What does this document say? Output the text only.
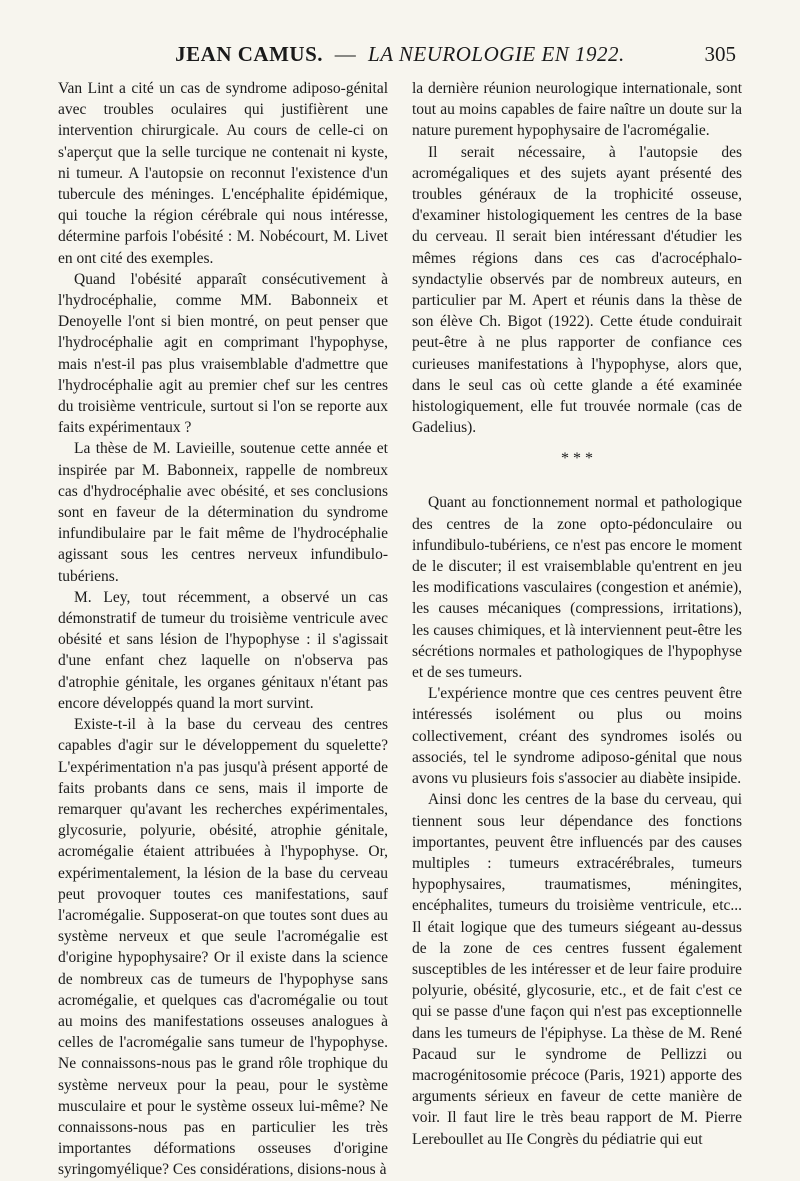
JEAN CAMUS. — LA NEUROLOGIE EN 1922.	305

Van Lint a cité un cas de syndrome adiposo-génital avec troubles oculaires qui justifièrent une intervention chirurgicale. Au cours de celle-ci on s'aperçut que la selle turcique ne contenait ni kyste, ni tumeur. A l'autopsie on reconnut l'existence d'un tubercule des méninges. L'encéphalite épidémique, qui touche la région cérébrale qui nous intéresse, détermine parfois l'obésité : M. Nobécourt, M. Livet en ont cité des exemples.

Quand l'obésité apparaît consécutivement à l'hydrocéphalie, comme MM. Babonneix et Denoyelle l'ont si bien montré, on peut penser que l'hydrocéphalie agit en comprimant l'hypophyse, mais n'est-il pas plus vraisemblable d'admettre que l'hydrocéphalie agit au premier chef sur les centres du troisième ventricule, surtout si l'on se reporte aux faits expérimentaux ?

La thèse de M. Lavieille, soutenue cette année et inspirée par M. Babonneix, rappelle de nombreux cas d'hydrocéphalie avec obésité, et ses conclusions sont en faveur de la détermination du syndrome infundibulaire par le fait même de l'hydrocéphalie agissant sous les centres nerveux infundibulo-tubériens.

M. Ley, tout récemment, a observé un cas démonstratif de tumeur du troisième ventricule avec obésité et sans lésion de l'hypophyse : il s'agissait d'une enfant chez laquelle on n'observa pas d'atrophie génitale, les organes génitaux n'étant pas encore développés quand la mort survint.

Existe-t-il à la base du cerveau des centres capables d'agir sur le développement du squelette? L'expérimentation n'a pas jusqu'à présent apporté de faits probants dans ce sens, mais il importe de remarquer qu'avant les recherches expérimentales, glycosurie, polyurie, obésité, atrophie génitale, acromégalie étaient attribuées à l'hypophyse. Or, expérimentalement, la lésion de la base du cerveau peut provoquer toutes ces manifestations, sauf l'acromégalie. Supposerat-on que toutes sont dues au système nerveux et que seule l'acromégalie est d'origine hypophysaire? Or il existe dans la science de nombreux cas de tumeurs de l'hypophyse sans acromégalie, et quelques cas d'acromégalie ou tout au moins des manifestations osseuses analogues à celles de l'acromégalie sans tumeur de l'hypophyse. Ne connaissons-nous pas le grand rôle trophique du système nerveux pour la peau, pour le système musculaire et pour le système osseux lui-même? Ne connaissons-nous pas en particulier les très importantes déformations osseuses d'origine syringomyélique? Ces considérations, disions-nous à

la dernière réunion neurologique internationale, sont tout au moins capables de faire naître un doute sur la nature purement hypophysaire de l'acromégalie.

Il serait nécessaire, à l'autopsie des acromégaliques et des sujets ayant présenté des troubles généraux de la trophicité osseuse, d'examiner histologiquement les centres de la base du cerveau. Il serait bien intéressant d'étudier les mêmes régions dans ces cas d'acrocéphalo-syndactylie observés par de nombreux auteurs, en particulier par M. Apert et réunis dans la thèse de son élève Ch. Bigot (1922). Cette étude conduirait peut-être à ne plus rapporter de confiance ces curieuses manifestations à l'hypophyse, alors que, dans le seul cas où cette glande a été examinée histologiquement, elle fut trouvée normale (cas de Gadelius).

* * *

Quant au fonctionnement normal et pathologique des centres de la zone opto-pédonculaire ou infundibulo-tubériens, ce n'est pas encore le moment de le discuter; il est vraisemblable qu'entrent en jeu les modifications vasculaires (congestion et anémie), les causes mécaniques (compressions, irritations), les causes chimiques, et là interviennent peut-être les sécrétions normales et pathologiques de l'hypophyse et de ses tumeurs.

L'expérience montre que ces centres peuvent être intéressés isolément ou plus ou moins collectivement, créant des syndromes isolés ou associés, tel le syndrome adiposo-génital que nous avons vu plusieurs fois s'associer au diabète insipide.

Ainsi donc les centres de la base du cerveau, qui tiennent sous leur dépendance des fonctions importantes, peuvent être influencés par des causes multiples : tumeurs extracérébrales, tumeurs hypophysaires, traumatismes, méningites, encéphalites, tumeurs du troisième ventricule, etc... Il était logique que des tumeurs siégeant au-dessus de la zone de ces centres fussent également susceptibles de les intéresser et de leur faire produire polyurie, obésité, glycosurie, etc., et de fait c'est ce qui se passe d'une façon qui n'est pas exceptionnelle dans les tumeurs de l'épiphyse. La thèse de M. René Pacaud sur le syndrome de Pellizzi ou macrogénitosomie précoce (Paris, 1921) apporte des arguments sérieux en faveur de cette manière de voir. Il faut lire le très beau rapport de M. Pierre Lereboullet au IIe Congrès du pédiatrie qui eut
